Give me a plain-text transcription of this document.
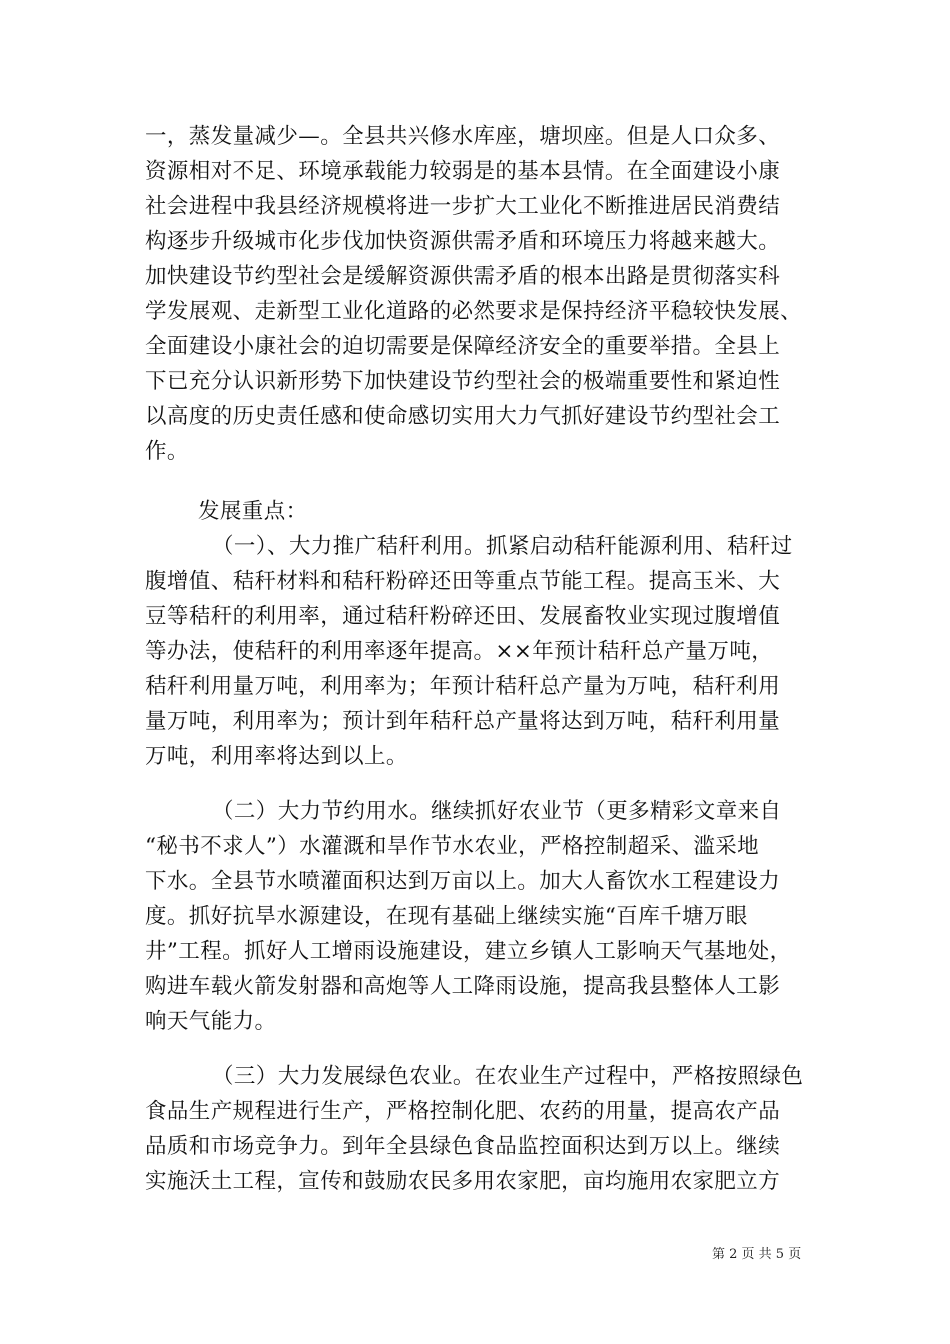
一，蒸发量减少—。全县共兴修水库座，塘坝座。但是人口众多、
资源相对不足、环境承载能力较弱是的基本县情。在全面建设小康
社会进程中我县经济规模将进一步扩大工业化不断推进居民消费结
构逐步升级城市化步伐加快资源供需矛盾和环境压力将越来越大。
加快建设节约型社会是缓解资源供需矛盾的根本出路是贯彻落实科
学发展观、走新型工业化道路的必然要求是保持经济平稳较快发展、
全面建设小康社会的迫切需要是保障经济安全的重要举措。全县上
下已充分认识新形势下加快建设节约型社会的极端重要性和紧迫性
以高度的历史责任感和使命感切实用大力气抓好建设节约型社会工
作。
发展重点：
（一）、大力推广秸秆利用。抓紧启动秸秆能源利用、秸秆过
腹增值、秸秆材料和秸秆粉碎还田等重点节能工程。提高玉米、大
豆等秸秆的利用率，通过秸秆粉碎还田、发展畜牧业实现过腹增值
等办法，使秸秆的利用率逐年提高。××年预计秸秆总产量万吨，
秸秆利用量万吨，利用率为；年预计秸秆总产量为万吨，秸秆利用
量万吨，利用率为；预计到年秸秆总产量将达到万吨，秸秆利用量
万吨，利用率将达到以上。
（二）大力节约用水。继续抓好农业节（更多精彩文章来自
“秘书不求人”）水灌溉和旱作节水农业，严格控制超采、滥采地
下水。全县节水喷灌面积达到万亩以上。加大人畜饮水工程建设力
度。抓好抗旱水源建设，在现有基础上继续实施“百库千塘万眼
井”工程。抓好人工增雨设施建设，建立乡镇人工影响天气基地处，
购进车载火箭发射器和高炮等人工降雨设施，提高我县整体人工影
响天气能力。
（三）大力发展绿色农业。在农业生产过程中，严格按照绿色
食品生产规程进行生产，严格控制化肥、农药的用量，提高农产品
品质和市场竞争力。到年全县绿色食品监控面积达到万以上。继续
实施沃土工程，宣传和鼓励农民多用农家肥，亩均施用农家肥立方
第 2 页 共 5 页
